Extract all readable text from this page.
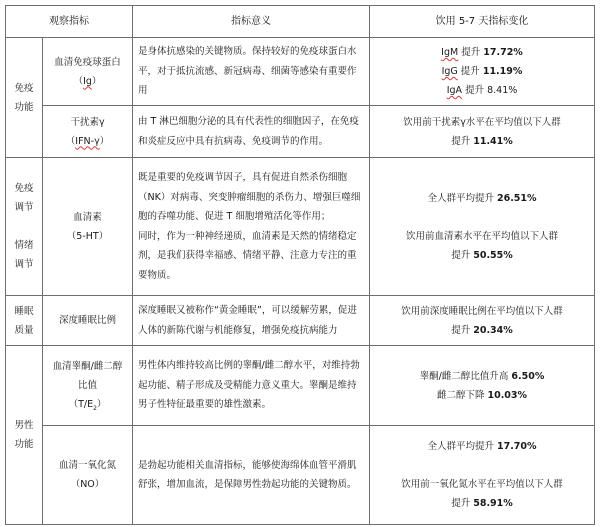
观察指标		指标意义	饮用 5-7 天指标变化

免疫
功能	血清免疫球蛋白
（Ig）	是身体抗感染的关键物质。保持较好的免疫球蛋白水平，对于抵抗流感、新冠病毒、细菌等感染有重要作用	IgM 提升 17.72%
IgG 提升 11.19%
IgA 提升 8.41%

	干扰素γ
（IFN-γ）	由 T 淋巴细胞分泌的具有代表性的细胞因子，在免疫和炎症反应中具有抗病毒、免疫调节的作用。	饮用前干扰素γ水平在平均值以下人群
提升 11.41%

免疫
调节
情绪
调节	血清素
（5-HT）	既是重要的免疫调节因子，具有促进自然杀伤细胞（NK）对病毒、突变肿瘤细胞的杀伤力、增强巨噬细胞的吞噬功能、促进 T 细胞增殖活化等作用；
同时，作为一种神经递质，血清素是天然的情绪稳定剂，是我们获得幸福感、情绪平静、注意力专注的重要物质。	全人群平均提升 26.51%
饮用前血清素水平在平均值以下人群
提升 50.55%

睡眠
质量	深度睡眠比例	深度睡眠又被称作“黄金睡眠”，可以缓解劳累，促进人体的新陈代谢与机能修复，增强免疫抗病能力	饮用前深度睡眠比例在平均值以下人群
提升 20.34%

男性
功能	血清睾酮/雌二醇
比值
$(T/E_2)$	男性体内维持较高比例的睾酮/雌二醇水平，对维持勃起功能、精子形成及受精能力意义重大。睾酮是维持男子性特征最重要的雄性激素。	睾酮/雌二醇比值升高 6.50%
雌二醇下降 10.03%

	血清一氧化氮
（NO）	是勃起功能相关血清指标，能够使海绵体血管平滑肌舒张，增加血流，是保障男性勃起功能的关键物质。	全人群平均提升 17.70%
饮用前一氧化氮水平在平均值以下人群
提升 58.91%
